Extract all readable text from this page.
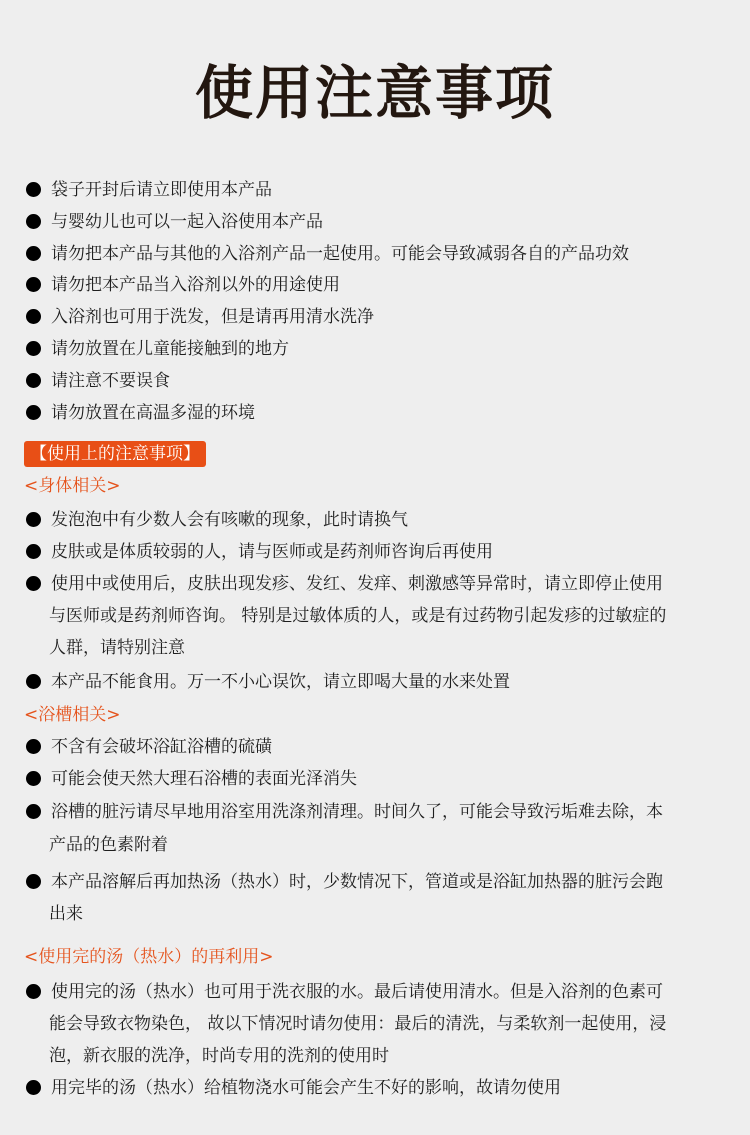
使用注意事项
袋子开封后请立即使用本产品
与婴幼儿也可以一起入浴使用本产品
请勿把本产品与其他的入浴剂产品一起使用。可能会导致减弱各自的产品功效
请勿把本产品当入浴剂以外的用途使用
入浴剂也可用于洗发，但是请再用清水洗净
请勿放置在儿童能接触到的地方
请注意不要误食
请勿放置在高温多湿的环境
【使用上的注意事项】
<身体相关>
发泡泡中有少数人会有咳嗽的现象，此时请换气
皮肤或是体质较弱的人，请与医师或是药剂师咨询后再使用
使用中或使用后，皮肤出现发疹、发红、发痒、刺激感等异常时，请立即停止使用
与医师或是药剂师咨询。 特别是过敏体质的人，或是有过药物引起发疹的过敏症的
人群，请特别注意
本产品不能食用。万一不小心误饮，请立即喝大量的水来处置
<浴槽相关>
不含有会破坏浴缸浴槽的硫磺
可能会使天然大理石浴槽的表面光泽消失
浴槽的脏污请尽早地用浴室用洗涤剂清理。时间久了，可能会导致污垢难去除，本
产品的色素附着
本产品溶解后再加热汤（热水）时，少数情况下，管道或是浴缸加热器的脏污会跑
出来
<使用完的汤（热水）的再利用>
使用完的汤（热水）也可用于洗衣服的水。最后请使用清水。但是入浴剂的色素可
能会导致衣物染色， 故以下情况时请勿使用：最后的清洗，与柔软剂一起使用，浸
泡，新衣服的洗净，时尚专用的洗剂的使用时
用完毕的汤（热水）给植物浇水可能会产生不好的影响，故请勿使用
